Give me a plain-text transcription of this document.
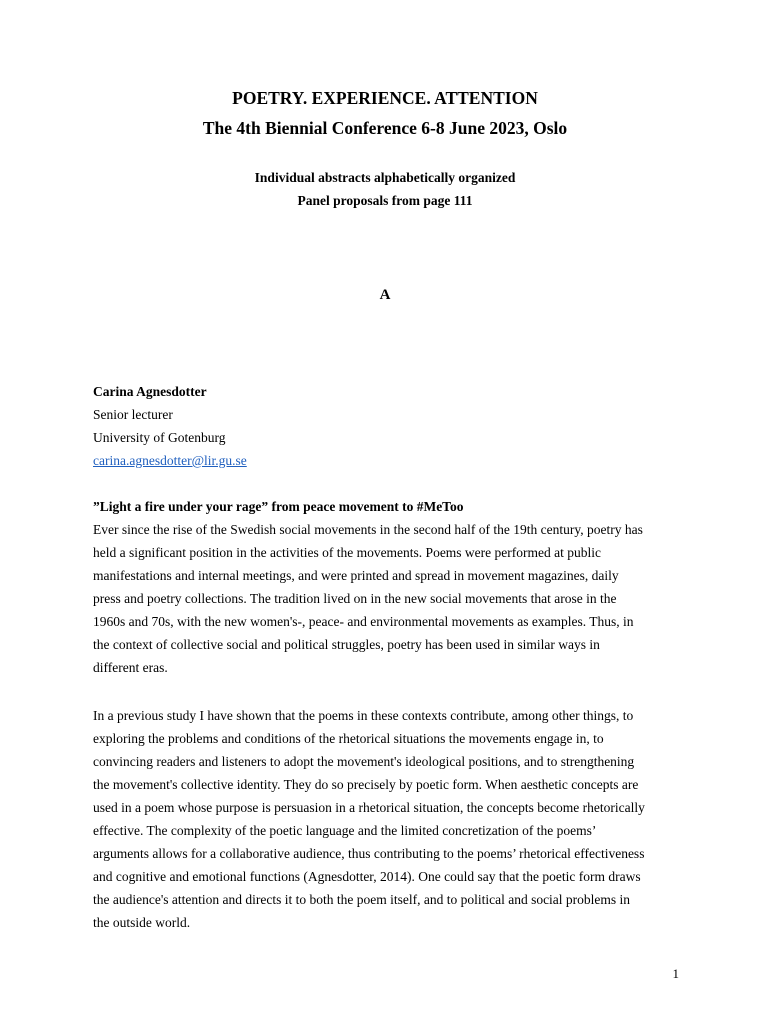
POETRY. EXPERIENCE. ATTENTION
The 4th Biennial Conference 6-8 June 2023, Oslo
Individual abstracts alphabetically organized
Panel proposals from page 111
A
Carina Agnesdotter
Senior lecturer
University of Gotenburg
carina.agnesdotter@lir.gu.se
”Light a fire under your rage” from peace movement to #MeToo
Ever since the rise of the Swedish social movements in the second half of the 19th century, poetry has
held a significant position in the activities of the movements. Poems were performed at public
manifestations and internal meetings, and were printed and spread in movement magazines, daily
press and poetry collections. The tradition lived on in the new social movements that arose in the
1960s and 70s, with the new women's-, peace- and environmental movements as examples. Thus, in
the context of collective social and political struggles, poetry has been used in similar ways in
different eras.
In a previous study I have shown that the poems in these contexts contribute, among other things, to
exploring the problems and conditions of the rhetorical situations the movements engage in, to
convincing readers and listeners to adopt the movement's ideological positions, and to strengthening
the movement's collective identity. They do so precisely by poetic form. When aesthetic concepts are
used in a poem whose purpose is persuasion in a rhetorical situation, the concepts become rhetorically
effective. The complexity of the poetic language and the limited concretization of the poems’
arguments allows for a collaborative audience, thus contributing to the poems’ rhetorical effectiveness
and cognitive and emotional functions (Agnesdotter, 2014). One could say that the poetic form draws
the audience's attention and directs it to both the poem itself, and to political and social problems in
the outside world.
1
